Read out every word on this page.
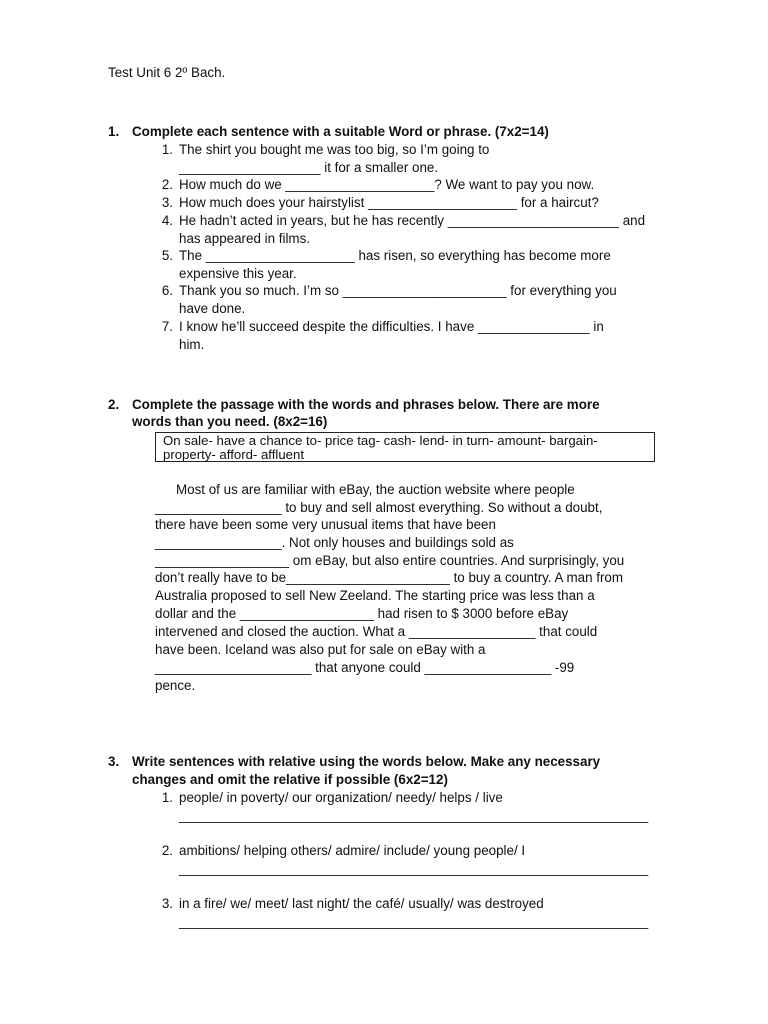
Test Unit 6 2º Bach.
1. Complete each sentence with a suitable Word or phrase. (7x2=14)
1. The shirt you bought me was too big, so I’m going to
___________________ it for a smaller one.
2. How much do we ____________________? We want to pay you now.
3. How much does your hairstylist ____________________ for a haircut?
4. He hadn’t acted in years, but he has recently _______________________ and
has appeared in films.
5. The ____________________ has risen, so everything has become more
expensive this year.
6. Thank you so much. I’m so ______________________ for everything you
have done.
7. I know he’ll succeed despite the difficulties. I have _______________ in
him.
2. Complete the passage with the words and phrases below. There are more
words than you need. (8x2=16)
On sale- have a chance to- price tag- cash- lend- in turn- amount- bargain-
property- afford- affluent
Most of us are familiar with eBay, the auction website where people
_________________ to buy and sell almost everything. So without a doubt,
there have been some very unusual items that have been
_________________. Not only houses and buildings sold as
__________________ om eBay, but also entire countries. And surprisingly, you
don’t really have to be______________________ to buy a country. A man from
Australia proposed to sell New Zeeland. The starting price was less than a
dollar and the __________________ had risen to $ 3000 before eBay
intervened and closed the auction. What a _________________ that could
have been. Iceland was also put for sale on eBay with a
_____________________ that anyone could _________________ -99
pence.
3. Write sentences with relative using the words below. Make any necessary
changes and omit the relative if possible (6x2=12)
1. people/ in poverty/ our organization/ needy/ helps / live
_______________________________________________________________
2. ambitions/ helping others/ admire/ include/ young people/ I
_______________________________________________________________
3. in a fire/ we/ meet/ last night/ the café/ usually/ was destroyed
_______________________________________________________________
